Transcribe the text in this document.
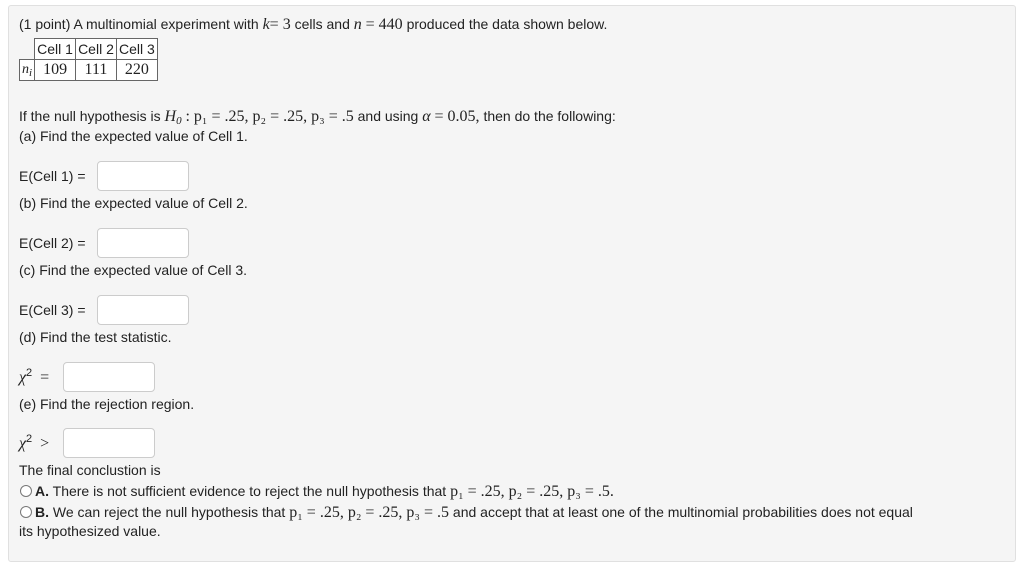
(1 point) A multinomial experiment with k= 3 cells and n = 440 produced the data shown below.
	Cell 1	Cell 2	Cell 3
$n_i$	109	111	220
If the null hypothesis is $H_0$ : p₁ = .25, p₂ = .25, p₃ = .5 and using α = 0.05, then do the following:
(a) Find the expected value of Cell 1.
E(Cell 1) =
(b) Find the expected value of Cell 2.
E(Cell 2) =
(c) Find the expected value of Cell 3.
E(Cell 3) =
(d) Find the test statistic.
$\chi^2$ =
(e) Find the rejection region.
$\chi^2$ >
The final conclustion is
A. There is not sufficient evidence to reject the null hypothesis that p₁ = .25, p₂ = .25, p₃ = .5.
B. We can reject the null hypothesis that p₁ = .25, p₂ = .25, p₃ = .5 and accept that at least one of the multinomial probabilities does not equal
its hypothesized value.
